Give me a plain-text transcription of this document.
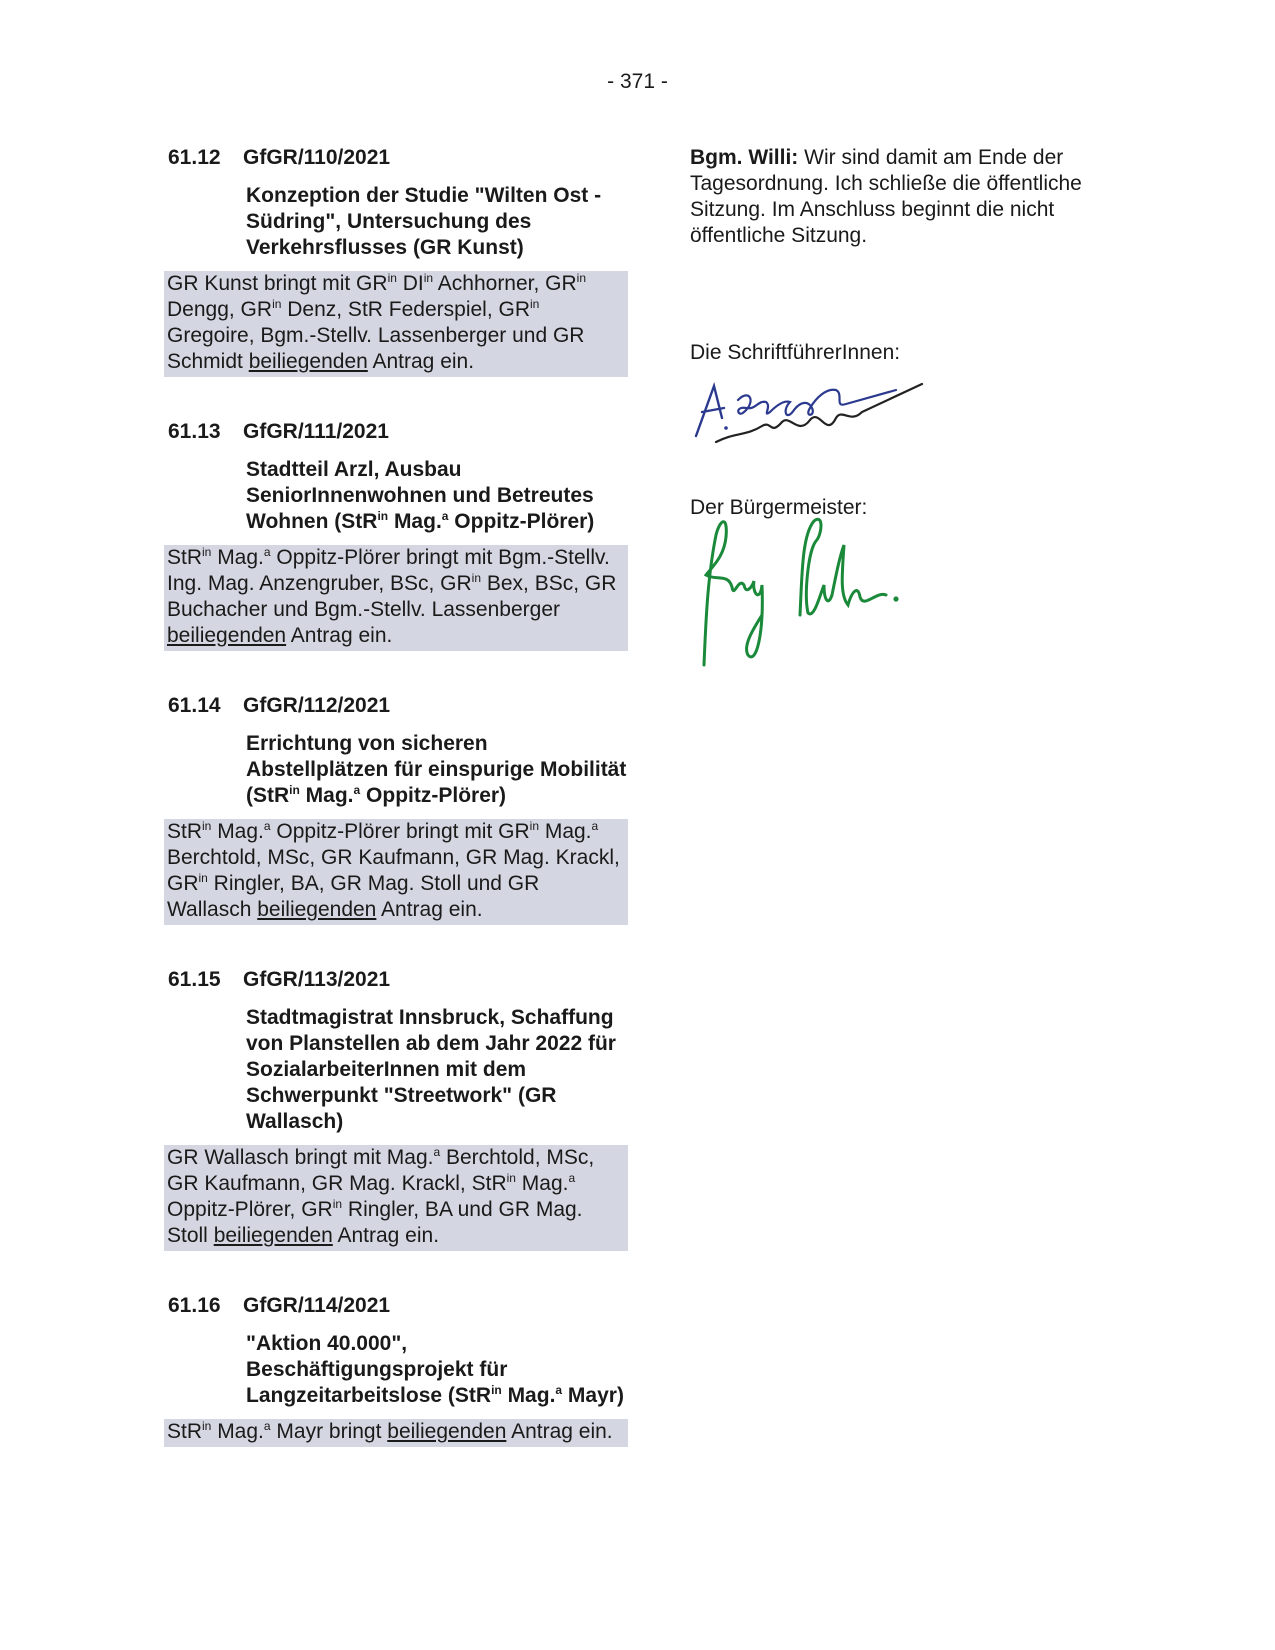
- 371 -
61.12 GfGR/110/2021
Konzeption der Studie "Wilten Ost - Südring", Untersuchung des Verkehrsflusses (GR Kunst)
GR Kunst bringt mit $GR^{in}$ $DI^{in}$ Achhorner, $GR^{in}$ Dengg, $GR^{in}$ Denz, StR Federspiel, $GR^{in}$ Gregoire, Bgm.-Stellv. Lassenberger und GR Schmidt beiliegenden Antrag ein.
61.13 GfGR/111/2021
Stadtteil Arzl, Ausbau SeniorInnenwohnen und Betreutes Wohnen (StR$^{in}$ Mag.$^a$ Oppitz-Plörer)
StR$^{in}$ Mag.$^a$ Oppitz-Plörer bringt mit Bgm.-Stellv. Ing. Mag. Anzengruber, BSc, $GR^{in}$ Bex, BSc, GR Buchacher und Bgm.-Stellv. Lassenberger beiliegenden Antrag ein.
61.14 GfGR/112/2021
Errichtung von sicheren Abstellplätzen für einspurige Mobilität (StR$^{in}$ Mag.$^a$ Oppitz-Plörer)
StR$^{in}$ Mag.$^a$ Oppitz-Plörer bringt mit $GR^{in}$ Mag.$^a$ Berchtold, MSc, GR Kaufmann, GR Mag. Krackl, $GR^{in}$ Ringler, BA, GR Mag. Stoll und GR Wallasch beiliegenden Antrag ein.
61.15 GfGR/113/2021
Stadtmagistrat Innsbruck, Schaffung von Planstellen ab dem Jahr 2022 für SozialarbeiterInnen mit dem Schwerpunkt "Streetwork" (GR Wallasch)
GR Wallasch bringt mit Mag.$^a$ Berchtold, MSc, GR Kaufmann, GR Mag. Krackl, StR$^{in}$ Mag.$^a$ Oppitz-Plörer, $GR^{in}$ Ringler, BA und GR Mag. Stoll beiliegenden Antrag ein.
61.16 GfGR/114/2021
"Aktion 40.000", Beschäftigungsprojekt für Langzeitarbeitslose (StR$^{in}$ Mag.$^a$ Mayr)
StR$^{in}$ Mag.$^a$ Mayr bringt beiliegenden Antrag ein.

Bgm. Willi: Wir sind damit am Ende der Tagesordnung. Ich schließe die öffentliche Sitzung. Im Anschluss beginnt die nicht öffentliche Sitzung.

Die SchriftführerInnen:
Der Bürgermeister:
